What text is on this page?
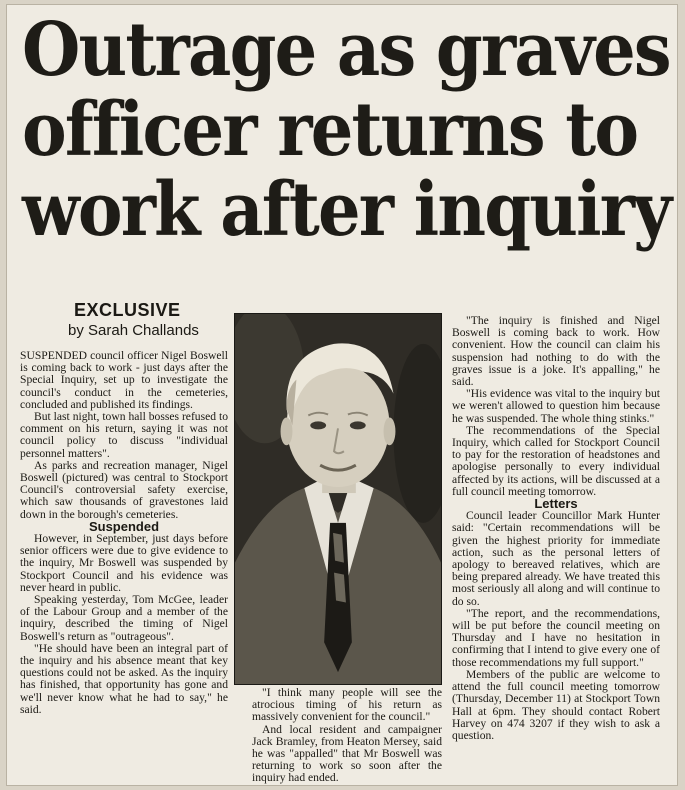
Outrage as graves
officer returns to
work after inquiry
EXCLUSIVE
by Sarah Challands

SUSPENDED council officer Nigel Boswell is coming back to work - just days after the Special Inquiry, set up to investigate the council's conduct in the cemeteries, concluded and published its findings.

But last night, town hall bosses refused to comment on his return, saying it was not council policy to discuss "individual personnel matters".

As parks and recreation manager, Nigel Boswell (pictured) was central to Stockport Council's controversial safety exercise, which saw thousands of gravestones laid down in the borough's cemeteries.

Suspended

However, in September, just days before senior officers were due to give evidence to the inquiry, Mr Boswell was suspended by Stockport Council and his evidence was never heard in public.

Speaking yesterday, Tom McGee, leader of the Labour Group and a member of the inquiry, described the timing of Nigel Boswell's return as "outrageous".

"He should have been an integral part of the inquiry and his absence meant that key questions could not be asked. As the inquiry has finished, that opportunity has gone and we'll never know what he had to say," he said.

"I think many people will see the atrocious timing of his return as massively convenient for the council."

And local resident and campaigner Jack Bramley, from Heaton Mersey, said he was "appalled" that Mr Boswell was returning to work so soon after the inquiry had ended.

"The inquiry is finished and Nigel Boswell is coming back to work. How convenient. How the council can claim his suspension had nothing to do with the graves issue is a joke. It's appalling," he said.

"His evidence was vital to the inquiry but we weren't allowed to question him because he was suspended. The whole thing stinks."

The recommendations of the Special Inquiry, which called for Stockport Council to pay for the restoration of headstones and apologise personally to every individual affected by its actions, will be discussed at a full council meeting tomorrow.

Letters

Council leader Councillor Mark Hunter said: "Certain recommendations will be given the highest priority for immediate action, such as the personal letters of apology to bereaved relatives, which are being prepared already. We have treated this most seriously all along and will continue to do so.

"The report, and the recommendations, will be put before the council meeting on Thursday and I have no hesitation in confirming that I intend to give every one of those recommendations my full support."

Members of the public are welcome to attend the full council meeting tomorrow (Thursday, December 11) at Stockport Town Hall at 6pm. They should contact Robert Harvey on 474 3207 if they wish to ask a question.
